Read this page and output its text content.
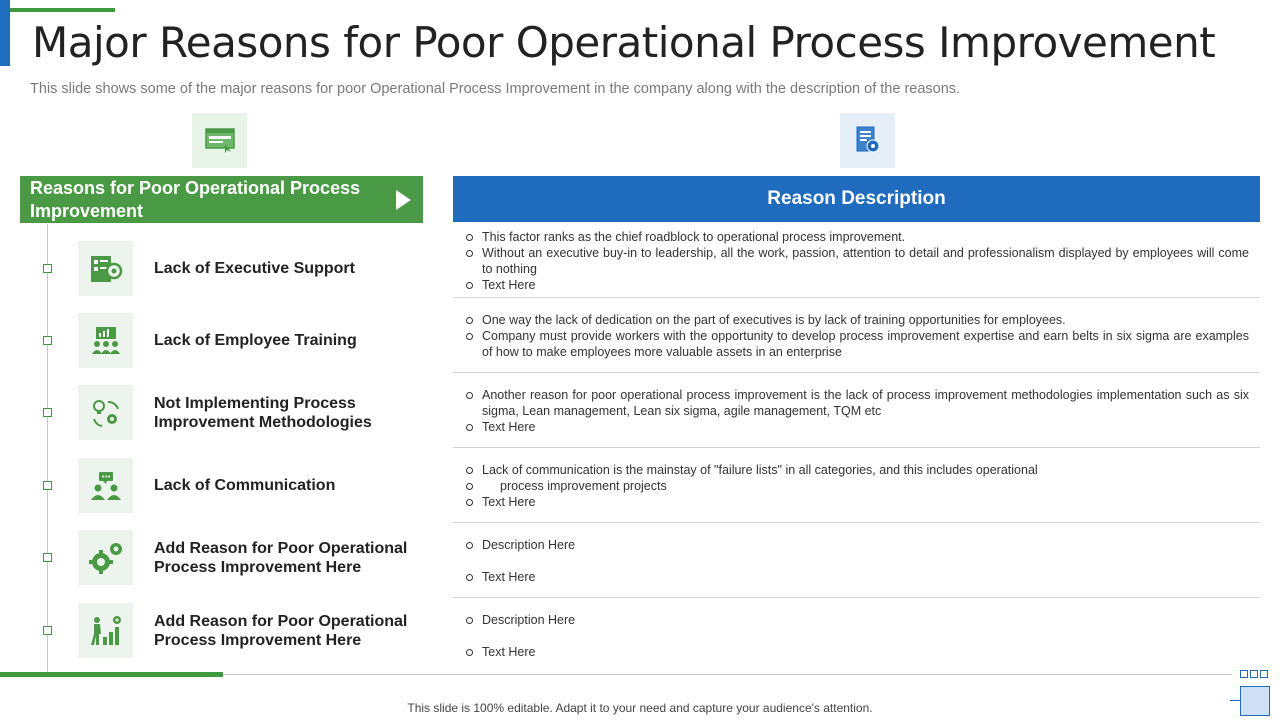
Major Reasons for Poor Operational Process Improvement

This slide shows some of the major reasons for poor Operational Process Improvement in the company along with the description of the reasons.

Reasons for Poor Operational Process Improvement
Reason Description
Lack of Executive Support
Lack of Employee Training
Not Implementing Process Improvement Methodologies
Lack of Communication
Add Reason for Poor Operational Process Improvement Here
Add Reason for Poor Operational Process Improvement Here
This factor ranks as the chief roadblock to operational process improvement.
Without an executive buy-in to leadership, all the work, passion, attention to detail and professionalism displayed by employees will come to nothing
Text Here
One way the lack of dedication on the part of executives is by lack of training opportunities for employees.
Company must provide workers with the opportunity to develop process improvement expertise and earn belts in six sigma are examples of how to make employees more valuable assets in an enterprise
Another reason for poor operational process improvement is the lack of process improvement methodologies implementation such as six sigma, Lean management, Lean six sigma, agile management, TQM etc
Text Here
Lack of communication is the mainstay of "failure lists" in all categories, and this includes operational
process improvement projects
Text Here
Description Here
Text Here
Description Here
Text Here
This slide is 100% editable. Adapt it to your need and capture your audience's attention.
